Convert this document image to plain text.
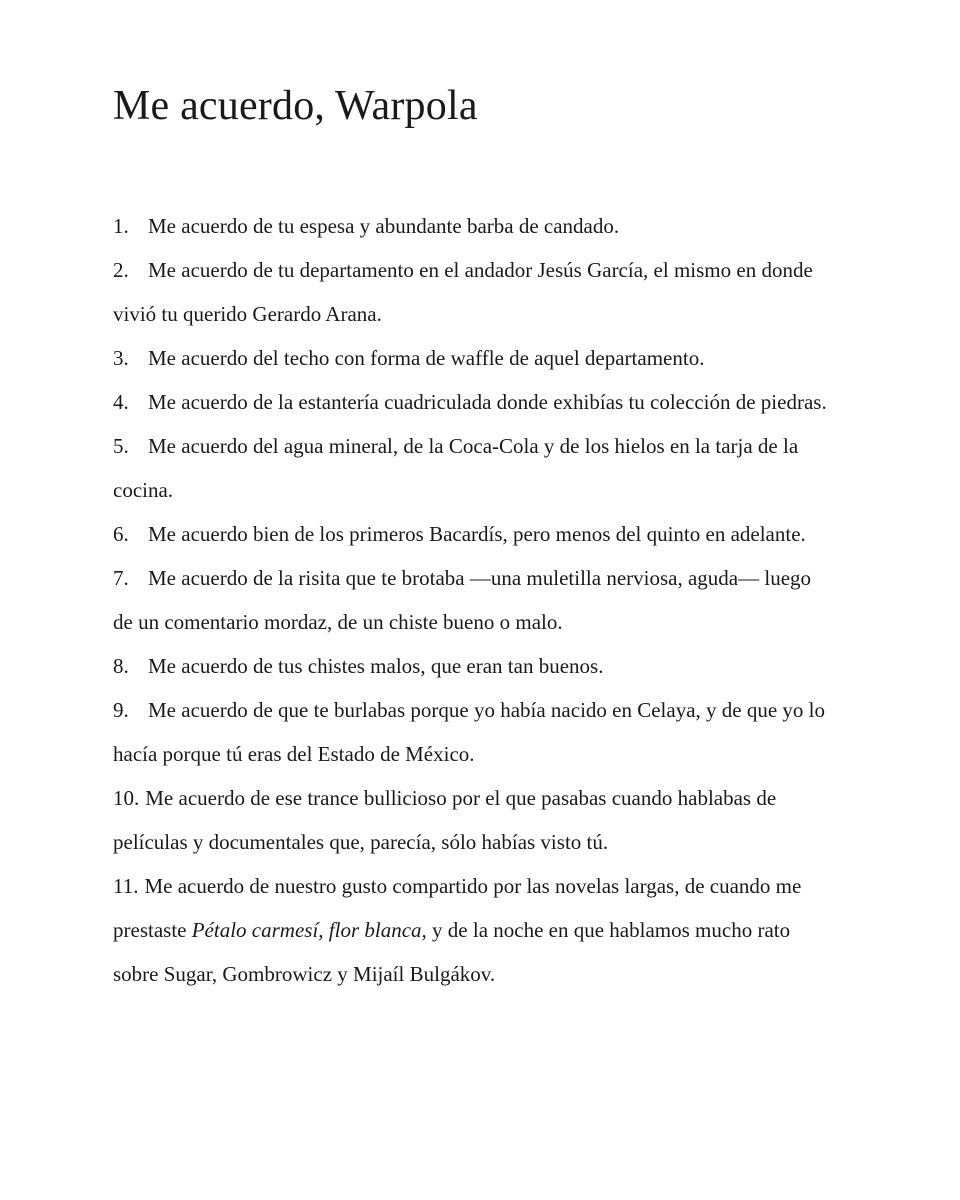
Me acuerdo, Warpola
1. Me acuerdo de tu espesa y abundante barba de candado.
2. Me acuerdo de tu departamento en el andador Jesús García, el mismo en donde vivió tu querido Gerardo Arana.
3. Me acuerdo del techo con forma de waffle de aquel departamento.
4. Me acuerdo de la estantería cuadriculada donde exhibías tu colección de piedras.
5. Me acuerdo del agua mineral, de la Coca-Cola y de los hielos en la tarja de la cocina.
6. Me acuerdo bien de los primeros Bacardís, pero menos del quinto en adelante.
7. Me acuerdo de la risita que te brotaba —una muletilla nerviosa, aguda— luego de un comentario mordaz, de un chiste bueno o malo.
8. Me acuerdo de tus chistes malos, que eran tan buenos.
9. Me acuerdo de que te burlabas porque yo había nacido en Celaya, y de que yo lo hacía porque tú eras del Estado de México.
10. Me acuerdo de ese trance bullicioso por el que pasabas cuando hablabas de películas y documentales que, parecía, sólo habías visto tú.
11. Me acuerdo de nuestro gusto compartido por las novelas largas, de cuando me prestaste Pétalo carmesí, flor blanca, y de la noche en que hablamos mucho rato sobre Sugar, Gombrowicz y Mijaíl Bulgákov.
